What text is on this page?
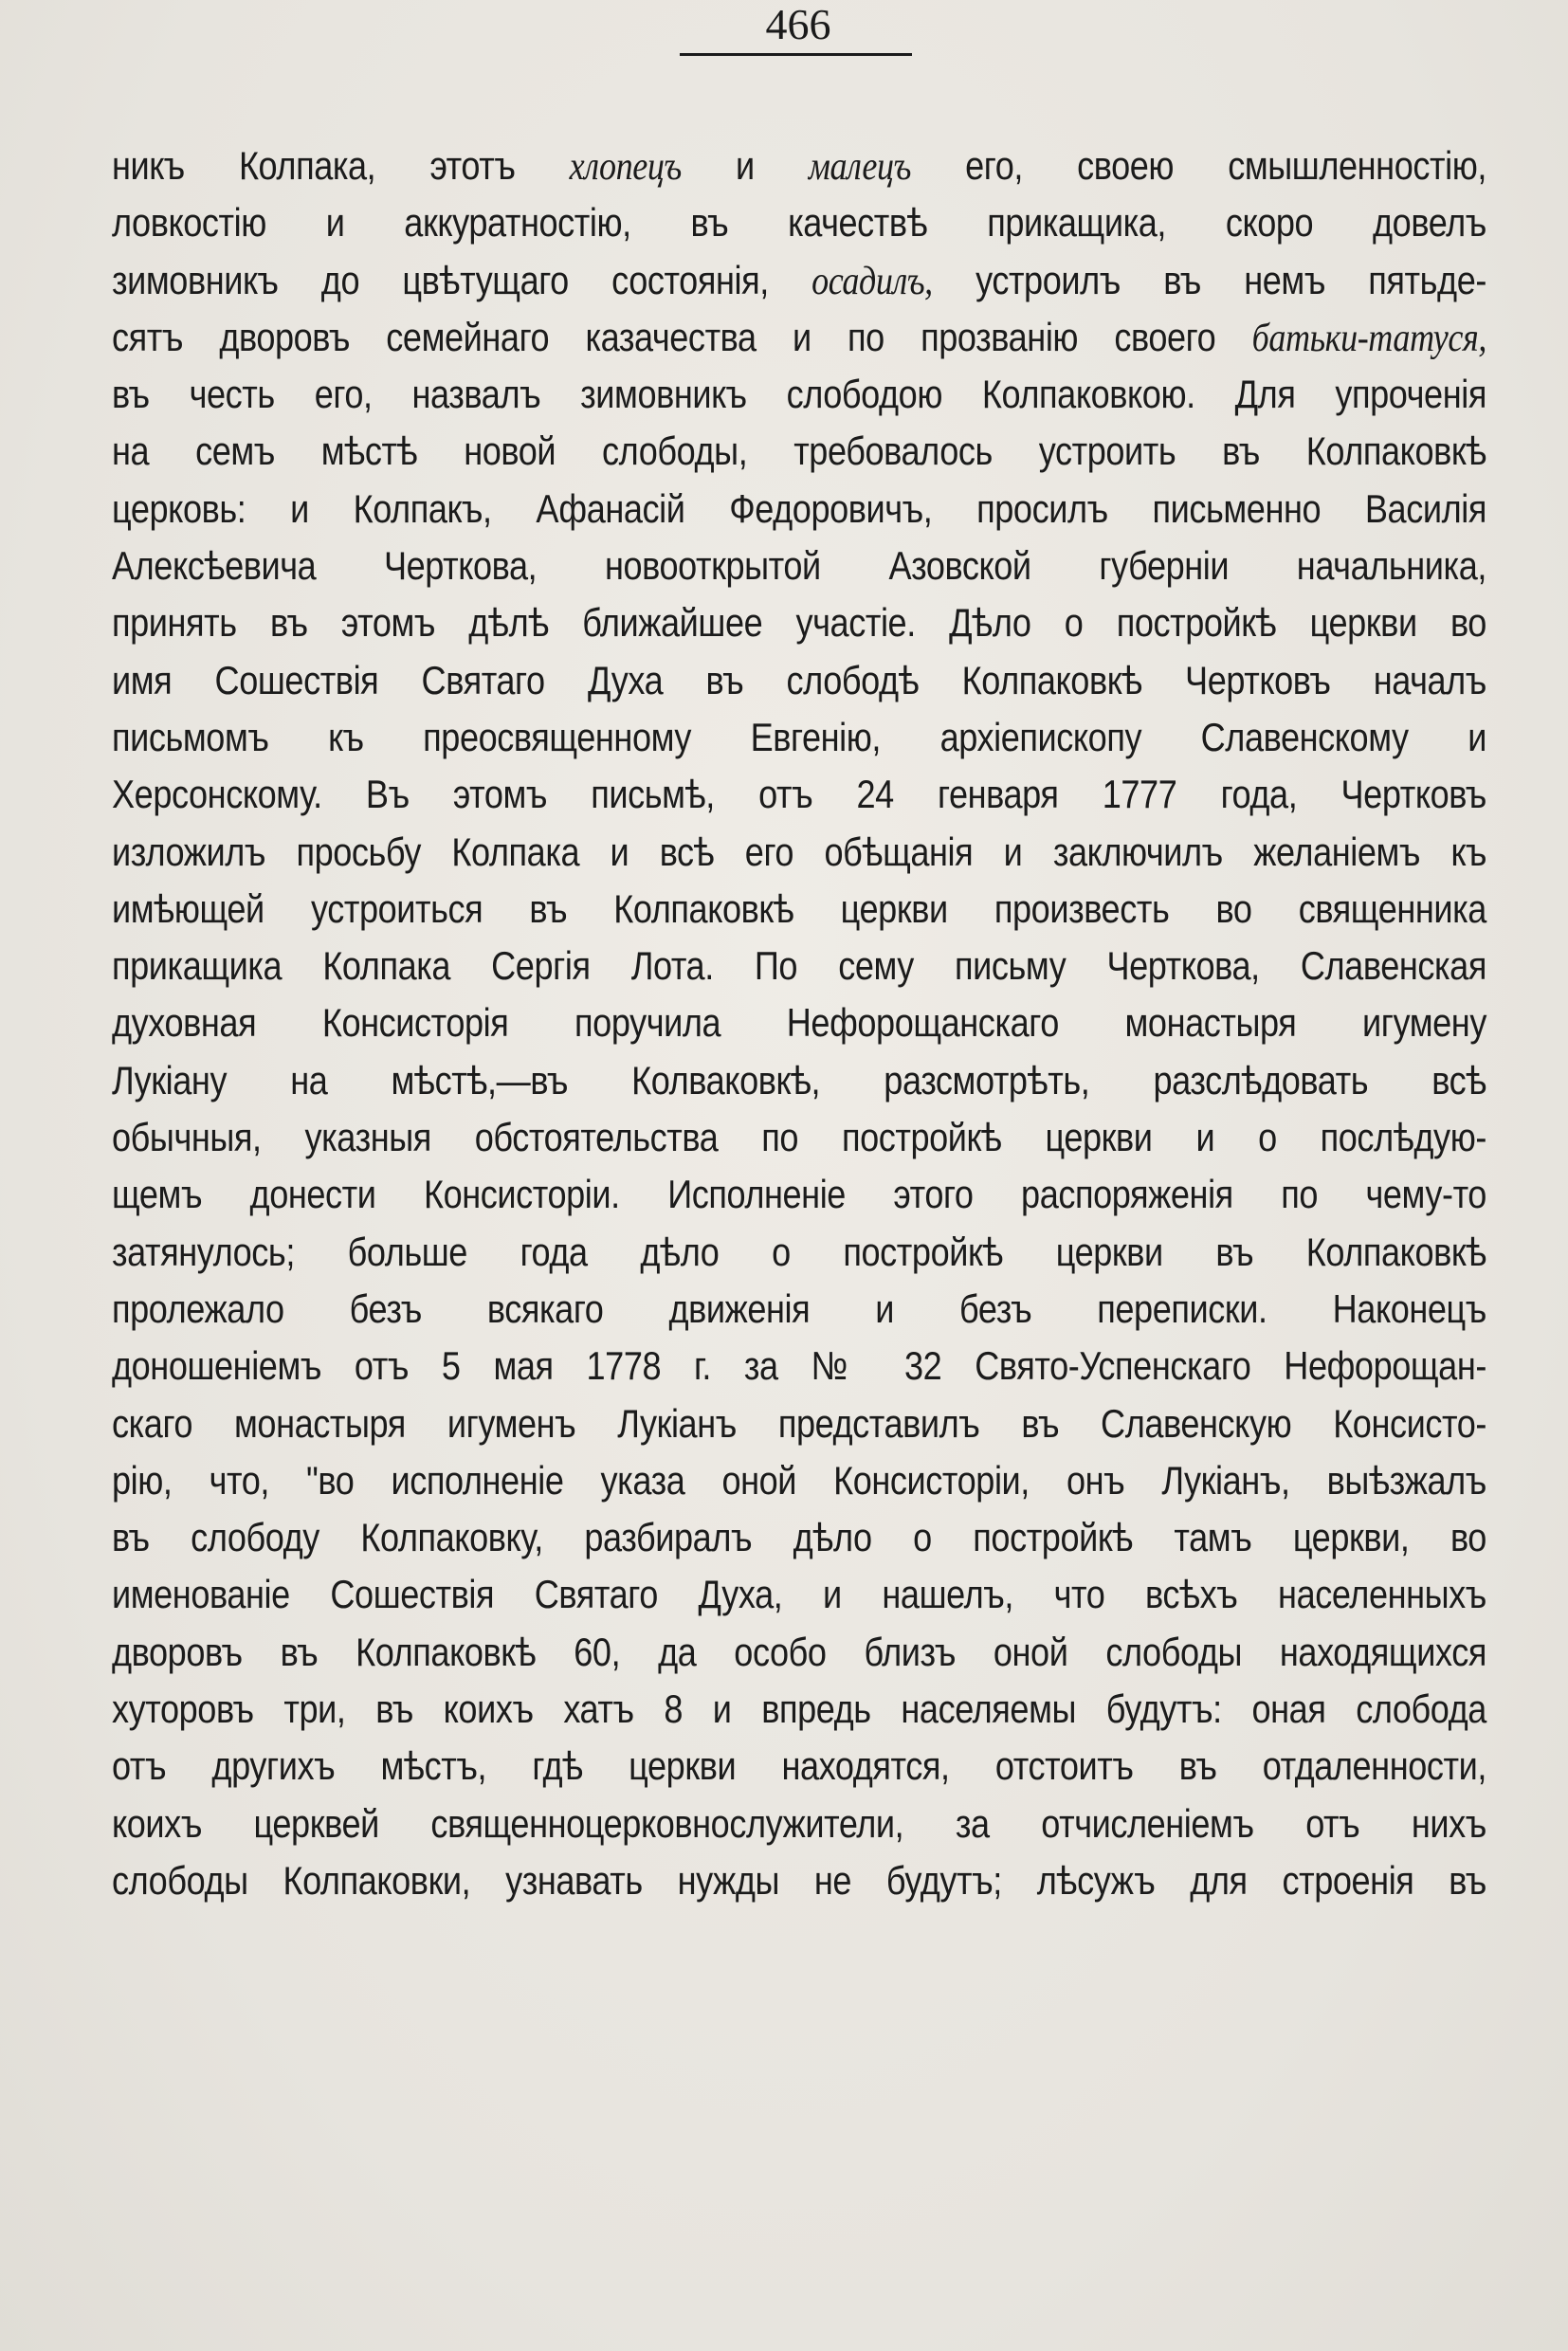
466
никъ Колпака, этотъ хлопецъ и малецъ его, своею смышленностію,
ловкостію и аккуратностію, въ качествѣ прикащика, скоро довелъ
зимовникъ до цвѣтущаго состоянія, осадилъ, устроилъ въ немъ пятьде-
сятъ дворовъ семейнаго казачества и по прозванію своего батьки-татуся,
въ честь его, назвалъ зимовникъ слободою Колпаковкою. Для упроченія
на семъ мѣстѣ новой слободы, требовалось устроить въ Колпаковкѣ
церковь: и Колпакъ, Афанасій Федоровичъ, просилъ письменно Василія
Алексѣевича Черткова, новооткрытой Азовской губерніи начальника,
принять въ этомъ дѣлѣ ближайшее участіе. Дѣло о постройкѣ церкви во
имя Сошествія Святаго Духа въ слободѣ Колпаковкѣ Чертковъ началъ
письмомъ къ преосвященному Евгенію, архіепископу Славенскому и
Херсонскому. Въ этомъ письмѣ, отъ 24 генваря 1777 года, Чертковъ
изложилъ просьбу Колпака и всѣ его обѣщанія и заключилъ желаніемъ къ
имѣющей устроиться въ Колпаковкѣ церкви произвесть во священника
прикащика Колпака Сергія Лота. По сему письму Черткова, Славенская
духовная Консисторія поручила Нефорощанскаго монастыря игумену
Лукіану на мѣстѣ,—въ Колваковкѣ, разсмотрѣть, разслѣдовать всѣ
обычныя, указныя обстоятельства по постройкѣ церкви и о послѣдую-
щемъ донести Консисторіи. Исполненіе этого распоряженія по чему-то
затянулось; больше года дѣло о постройкѣ церкви въ Колпаковкѣ
пролежало безъ всякаго движенія и безъ переписки. Наконецъ
доношеніемъ отъ 5 мая 1778 г. за № 32 Свято-Успенскаго Нефорощан-
скаго монастыря игуменъ Лукіанъ представилъ въ Славенскую Консисто-
рію, что, "во исполненіе указа оной Консисторіи, онъ Лукіанъ, выѣзжалъ
въ слободу Колпаковку, разбиралъ дѣло о постройкѣ тамъ церкви, во
именованіе Сошествія Святаго Духа, и нашелъ, что всѣхъ населенныхъ
дворовъ въ Колпаковкѣ 60, да особо близъ оной слободы находящихся
хуторовъ три, въ коихъ хатъ 8 и впредь населяемы будутъ: оная слобода
отъ другихъ мѣстъ, гдѣ церкви находятся, отстоитъ въ отдаленности,
коихъ церквей священноцерковнослужители, за отчисленіемъ отъ нихъ
слободы Колпаковки, узнавать нужды не будутъ; лѣсужъ для строенія въ
